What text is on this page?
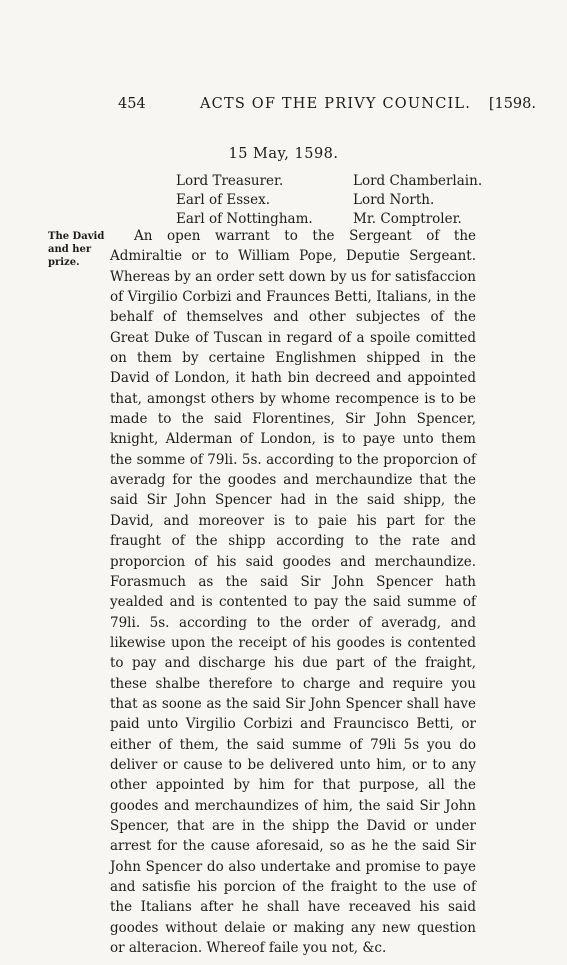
454	ACTS OF THE PRIVY COUNCIL. [1598.
15 May, 1598.
Lord Treasurer.
Earl of Essex.
Earl of Nottingham.
Lord Chamberlain.
Lord North.
Mr. Comptroler.
The David and her prize.

An open warrant to the Sergeant of the Admiraltie or to William Pope, Deputie Sergeant. Whereas by an order sett down by us for satisfaccion of Virgilio Corbizi and Fraunces Betti, Italians, in the behalf of themselves and other subjectes of the Great Duke of Tuscan in regard of a spoile comitted on them by certaine Englishmen shipped in the David of London, it hath bin decreed and appointed that, amongst others by whome recompence is to be made to the said Florentines, Sir John Spencer, knight, Alderman of London, is to paye unto them the somme of 79li. 5s. according to the proporcion of averadg for the goodes and merchaundize that the said Sir John Spencer had in the said shipp, the David, and moreover is to paie his part for the fraught of the shipp according to the rate and proporcion of his said goodes and merchaundize. Forasmuch as the said Sir John Spencer hath yealded and is contented to pay the said summe of 79li. 5s. according to the order of averadg, and likewise upon the receipt of his goodes is contented to pay and discharge his due part of the fraight, these shalbe therefore to charge and require you that as soone as the said Sir John Spencer shall have paid unto Virgilio Corbizi and Frauncisco Betti, or either of them, the said summe of 79li 5s you do deliver or cause to be delivered unto him, or to any other appointed by him for that purpose, all the goodes and merchaundizes of him, the said Sir John Spencer, that are in the shipp the David or under arrest for the cause aforesaid, so as he the said Sir John Spencer do also undertake and promise to paye and satisfie his porcion of the fraight to the use of the Italians after he shall have receaved his said goodes without delaie or making any new question or alteracion. Whereof faile you not, &c.
